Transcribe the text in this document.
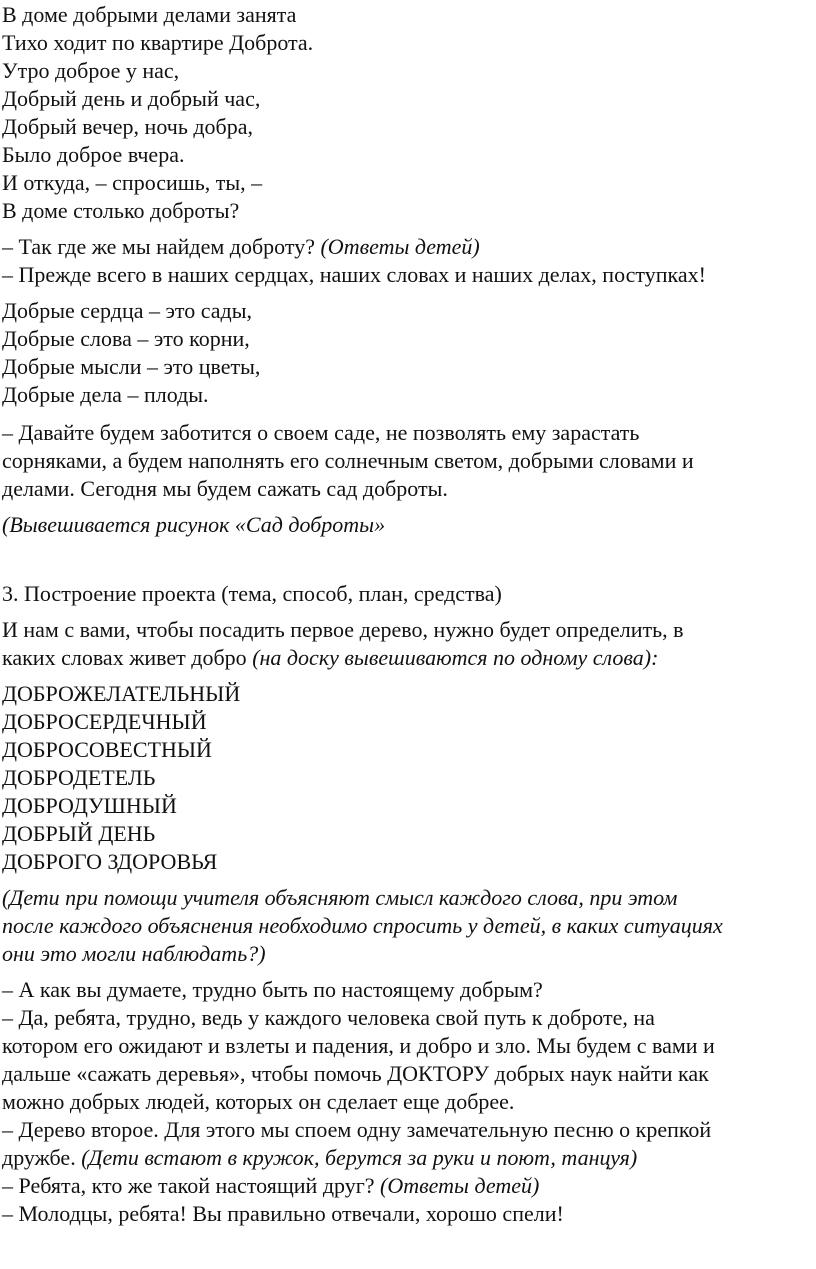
В доме добрыми делами занята
Тихо ходит по квартире Доброта.
Утро доброе у нас,
Добрый день и добрый час,
Добрый вечер, ночь добра,
Было доброе вчера.
И откуда, – спросишь, ты, –
В доме столько доброты?
– Так где же мы найдем доброту? (Ответы детей)
– Прежде всего в наших сердцах, наших словах и наших делах, поступках!
Добрые сердца – это сады,
Добрые слова – это корни,
Добрые мысли – это цветы,
Добрые дела – плоды.
– Давайте будем заботится о своем саде, не позволять ему зарастать
сорняками, а будем наполнять его солнечным светом, добрыми словами и
делами. Сегодня мы будем сажать сад доброты.
(Вывешивается рисунок «Сад доброты»
3. Построение проекта (тема, способ, план, средства)
И нам с вами, чтобы посадить первое дерево, нужно будет определить, в
каких словах живет добро (на доску вывешиваются по одному слова):
ДОБРОЖЕЛАТЕЛЬНЫЙ
ДОБРОСЕРДЕЧНЫЙ
ДОБРОСОВЕСТНЫЙ
ДОБРОДЕТЕЛЬ
ДОБРОДУШНЫЙ
ДОБРЫЙ ДЕНЬ
ДОБРОГО ЗДОРОВЬЯ
(Дети при помощи учителя объясняют смысл каждого слова, при этом
после каждого объяснения необходимо спросить у детей, в каких ситуациях
они это могли наблюдать?)
– А как вы думаете, трудно быть по настоящему добрым?
– Да, ребята, трудно, ведь у каждого человека свой путь к доброте, на
котором его ожидают и взлеты и падения, и добро и зло. Мы будем с вами и
дальше «сажать деревья», чтобы помочь ДОКТОРУ добрых наук найти как
можно добрых людей, которых он сделает еще добрее.
– Дерево второе. Для этого мы споем одну замечательную песню о крепкой
дружбе. (Дети встают в кружок, берутся за руки и поют, танцуя)
– Ребята, кто же такой настоящий друг? (Ответы детей)
– Молодцы, ребята! Вы правильно отвечали, хорошо спели!
